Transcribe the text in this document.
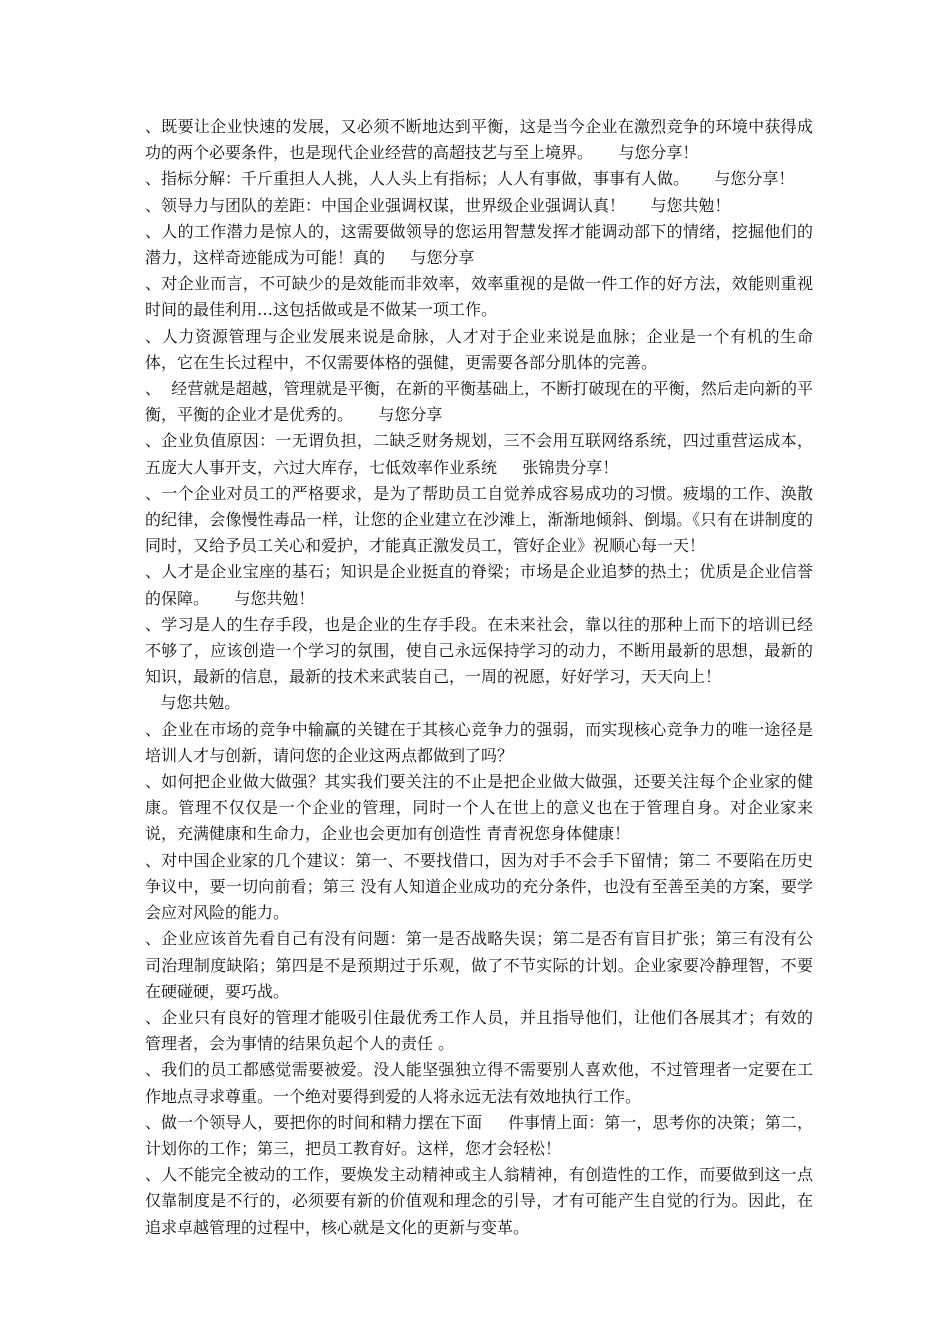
、既要让企业快速的发展，又必须不断地达到平衡，这是当今企业在激烈竞争的环境中获得成功的两个必要条件，也是现代企业经营的高超技艺与至上境界。     与您分享！

、指标分解：千斤重担人人挑，人人头上有指标；人人有事做，事事有人做。     与您分享！

、领导力与团队的差距：中国企业强调权谋，世界级企业强调认真！     与您共勉！

、人的工作潜力是惊人的，这需要做领导的您运用智慧发挥才能调动部下的情绪，挖掘他们的潜力，这样奇迹能成为可能！真的     与您分享

、对企业而言，不可缺少的是效能而非效率，效率重视的是做一件工作的好方法，效能则重视时间的最佳利用…这包括做或是不做某一项工作。

、人力资源管理与企业发展来说是命脉，人才对于企业来说是血脉；企业是一个有机的生命体，它在生长过程中，不仅需要体格的强健，更需要各部分肌体的完善。

、  经营就是超越，管理就是平衡，在新的平衡基础上，不断打破现在的平衡，然后走向新的平衡，平衡的企业才是优秀的。     与您分享

、企业负值原因：一无谓负担，二缺乏财务规划，三不会用互联网络系统，四过重营运成本，五庞大人事开支，六过大库存，七低效率作业系统     张锦贵分享！

、一个企业对员工的严格要求，是为了帮助员工自觉养成容易成功的习惯。疲塌的工作、涣散的纪律，会像慢性毒品一样，让您的企业建立在沙滩上，渐渐地倾斜、倒塌。《只有在讲制度的同时，又给予员工关心和爱护，才能真正激发员工，管好企业》祝顺心每一天！

、人才是企业宝座的基石；知识是企业挺直的脊梁；市场是企业追梦的热土；优质是企业信誉的保障。     与您共勉！

、学习是人的生存手段，也是企业的生存手段。在未来社会，靠以往的那种上而下的培训已经不够了，应该创造一个学习的氛围，使自己永远保持学习的动力，不断用最新的思想，最新的知识，最新的信息，最新的技术来武装自己，一周的祝愿，好好学习，天天向上！
与您共勉。

、企业在市场的竞争中输赢的关键在于其核心竞争力的强弱，而实现核心竞争力的唯一途径是培训人才与创新，请问您的企业这两点都做到了吗？

、如何把企业做大做强？其实我们要关注的不止是把企业做大做强，还要关注每个企业家的健康。管理不仅仅是一个企业的管理，同时一个人在世上的意义也在于管理自身。对企业家来说，充满健康和生命力，企业也会更加有创造性 青青祝您身体健康！

、对中国企业家的几个建议：第一、不要找借口，因为对手不会手下留情；第二 不要陷在历史争议中，要一切向前看；第三 没有人知道企业成功的充分条件，也没有至善至美的方案，要学会应对风险的能力。

、企业应该首先看自己有没有问题：第一是否战略失误；第二是否有盲目扩张；第三有没有公司治理制度缺陷；第四是不是预期过于乐观，做了不节实际的计划。企业家要冷静理智，不要在硬碰硬，要巧战。

、企业只有良好的管理才能吸引住最优秀工作人员，并且指导他们，让他们各展其才；有效的管理者，会为事情的结果负起个人的责任 。

、我们的员工都感觉需要被爱。没人能坚强独立得不需要别人喜欢他，不过管理者一定要在工作地点寻求尊重。一个绝对要得到爱的人将永远无法有效地执行工作。

、做一个领导人，要把你的时间和精力摆在下面     件事情上面：第一，思考你的决策；第二，计划你的工作；第三，把员工教育好。这样，您才会轻松！

、人不能完全被动的工作，要焕发主动精神或主人翁精神，有创造性的工作，而要做到这一点仅靠制度是不行的，必须要有新的价值观和理念的引导，才有可能产生自觉的行为。因此，在追求卓越管理的过程中，核心就是文化的更新与变革。
